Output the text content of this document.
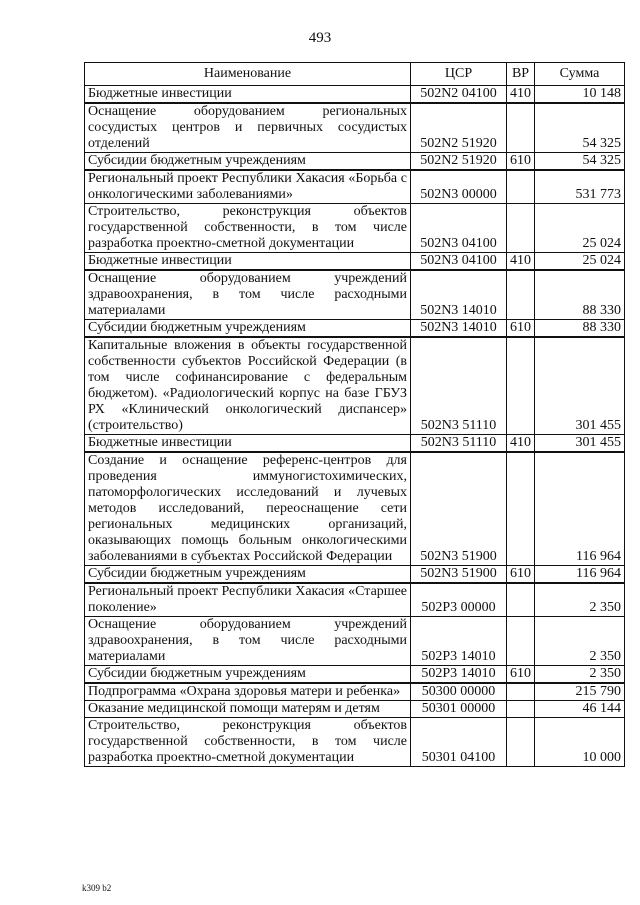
493
Наименование	ЦСР	ВР	Сумма
Бюджетные инвестиции	502N2 04100	410	10 148
Оснащение оборудованием региональных сосудистых центров и первичных сосудистых отделений	502N2 51920		54 325
Субсидии бюджетным учреждениям	502N2 51920	610	54 325
Региональный проект Республики Хакасия «Борьба с онкологическими заболеваниями»	502N3 00000		531 773
Строительство, реконструкция объектов государственной собственности, в том числе разработка проектно-сметной документации	502N3 04100		25 024
Бюджетные инвестиции	502N3 04100	410	25 024
Оснащение оборудованием учреждений здравоохранения, в том числе расходными материалами	502N3 14010		88 330
Субсидии бюджетным учреждениям	502N3 14010	610	88 330
Капитальные вложения в объекты государственной собственности субъектов Российской Федерации (в том числе софинансирование с федеральным бюджетом). «Радиологический корпус на базе ГБУЗ РХ «Клинический онкологический диспансер» (строительство)	502N3 51110		301 455
Бюджетные инвестиции	502N3 51110	410	301 455
Создание и оснащение референс-центров для проведения иммуногистохимических, патоморфологических исследований и лучевых методов исследований, переоснащение сети региональных медицинских организаций, оказывающих помощь больным онкологическими заболеваниями в субъектах Российской Федерации	502N3 51900		116 964
Субсидии бюджетным учреждениям	502N3 51900	610	116 964
Региональный проект Республики Хакасия «Старшее поколение»	502P3 00000		2 350
Оснащение оборудованием учреждений здравоохранения, в том числе расходными материалами	502P3 14010		2 350
Субсидии бюджетным учреждениям	502P3 14010	610	2 350
Подпрограмма «Охрана здоровья матери и ребенка»	50300 00000		215 790
Оказание медицинской помощи матерям и детям	50301 00000		46 144
Строительство, реконструкция объектов государственной собственности, в том числе разработка проектно-сметной документации	50301 04100		10 000
k309 b2
